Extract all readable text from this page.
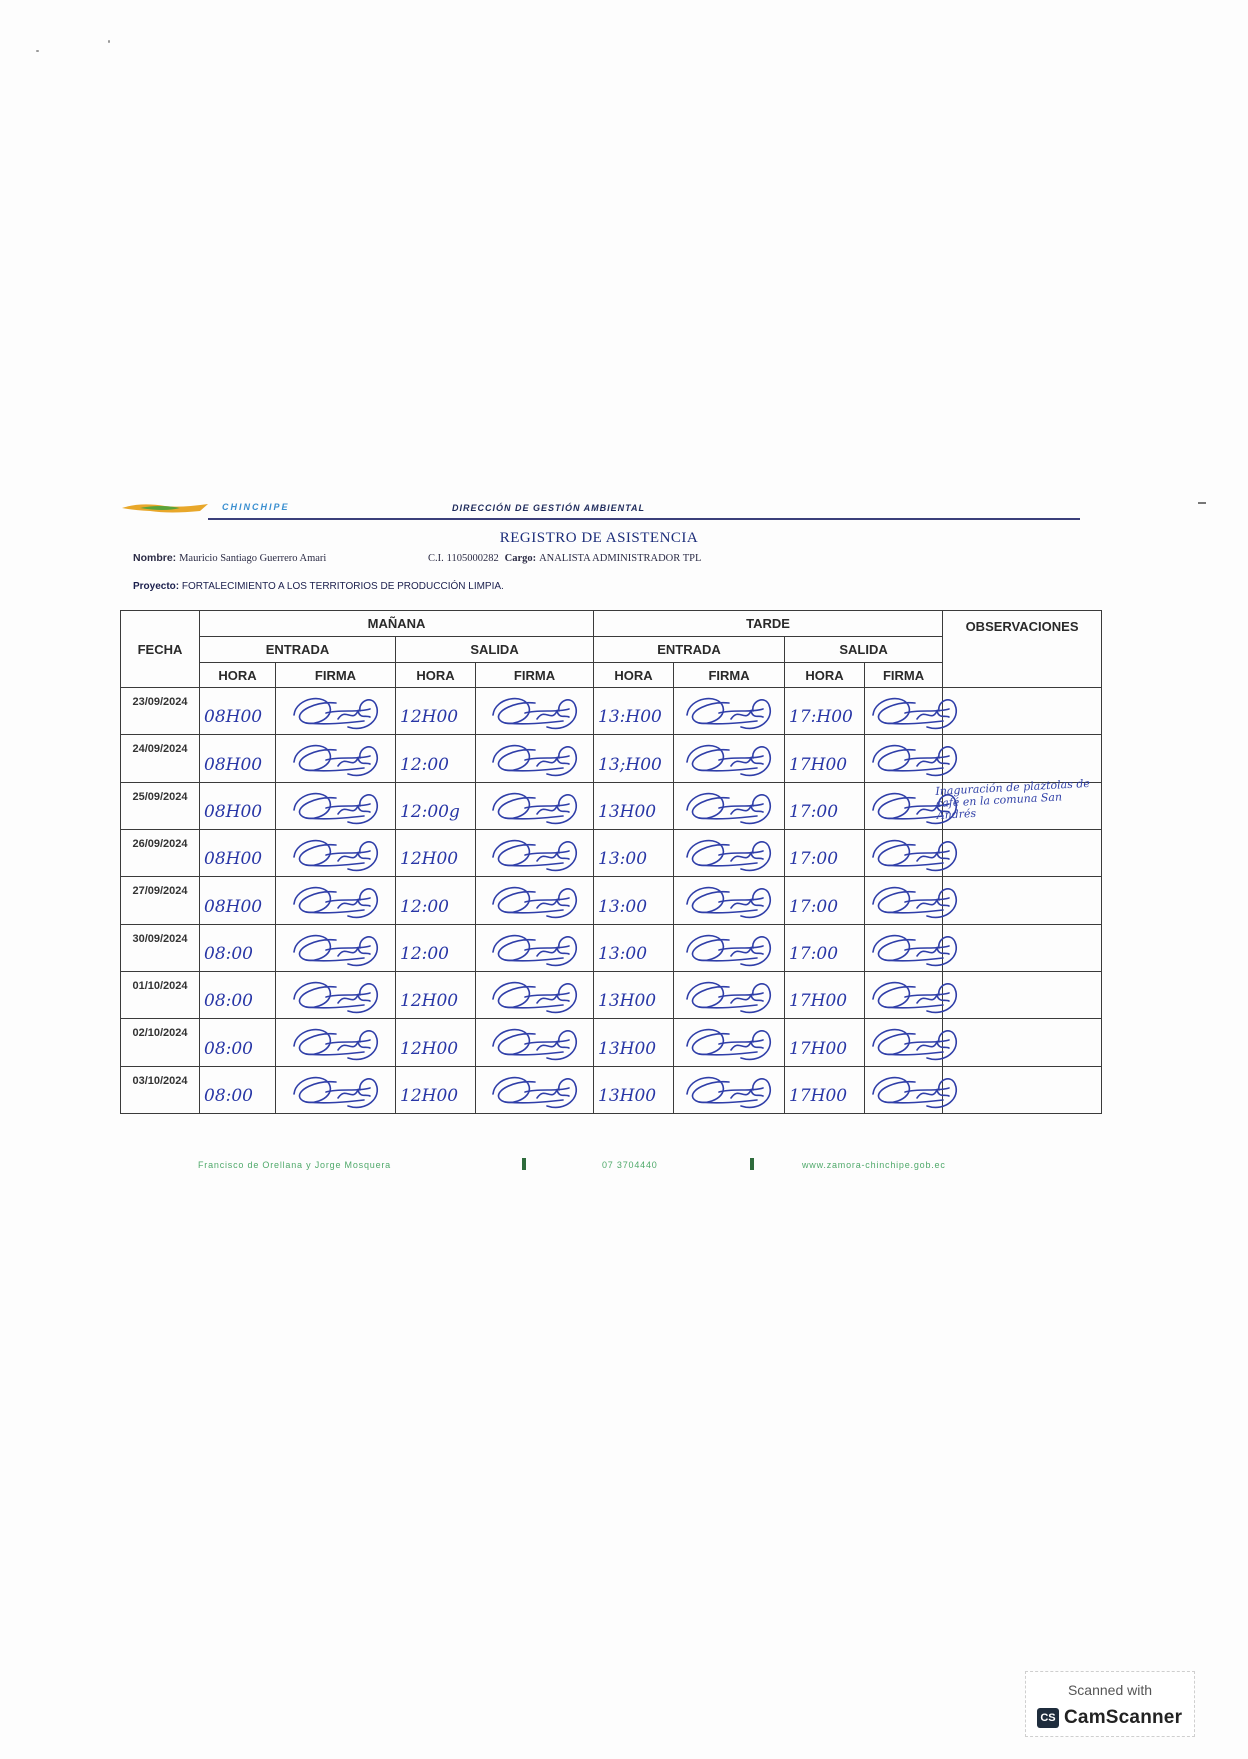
CHINCHIPE	DIRECCIÓN DE GESTIÓN AMBIENTAL
REGISTRO DE ASISTENCIA
Nombre: Mauricio Santiago Guerrero Amari	C.I. 1105000282 Cargo: ANALISTA ADMINISTRADOR TPL
Proyecto: FORTALECIMIENTO A LOS TERRITORIOS DE PRODUCCIÓN LIMPIA.
FECHA	MAÑANA				TARDE				OBSERVACIONES
	ENTRADA		SALIDA		ENTRADA		SALIDA		
	HORA	FIRMA	HORA	FIRMA	HORA	FIRMA	HORA	FIRMA	
23/09/2024	08H00		12H00		13:H00		17:H00	

24/09/2024	08H00		12:00		13;H00		17H00	

25/09/2024	08H00		12:00g		13H00		17:00		Inaguración de plaztolas de café en la comuna San Andrés

26/09/2024	08H00		12H00		13:00		17:00	

27/09/2024	08H00		12:00		13:00		17:00	

30/09/2024	08:00		12:00		13:00		17:00	

01/10/2024	08:00		12H00		13H00		17H00	

02/10/2024	08:00		12H00		13H00		17H00	

03/10/2024	08:00		12H00		13H00		17H00	

Francisco de Orellana y Jorge Mosquera	07 3704440	www.zamora-chinchipe.gob.ec
Scanned with
CS CamScanner
